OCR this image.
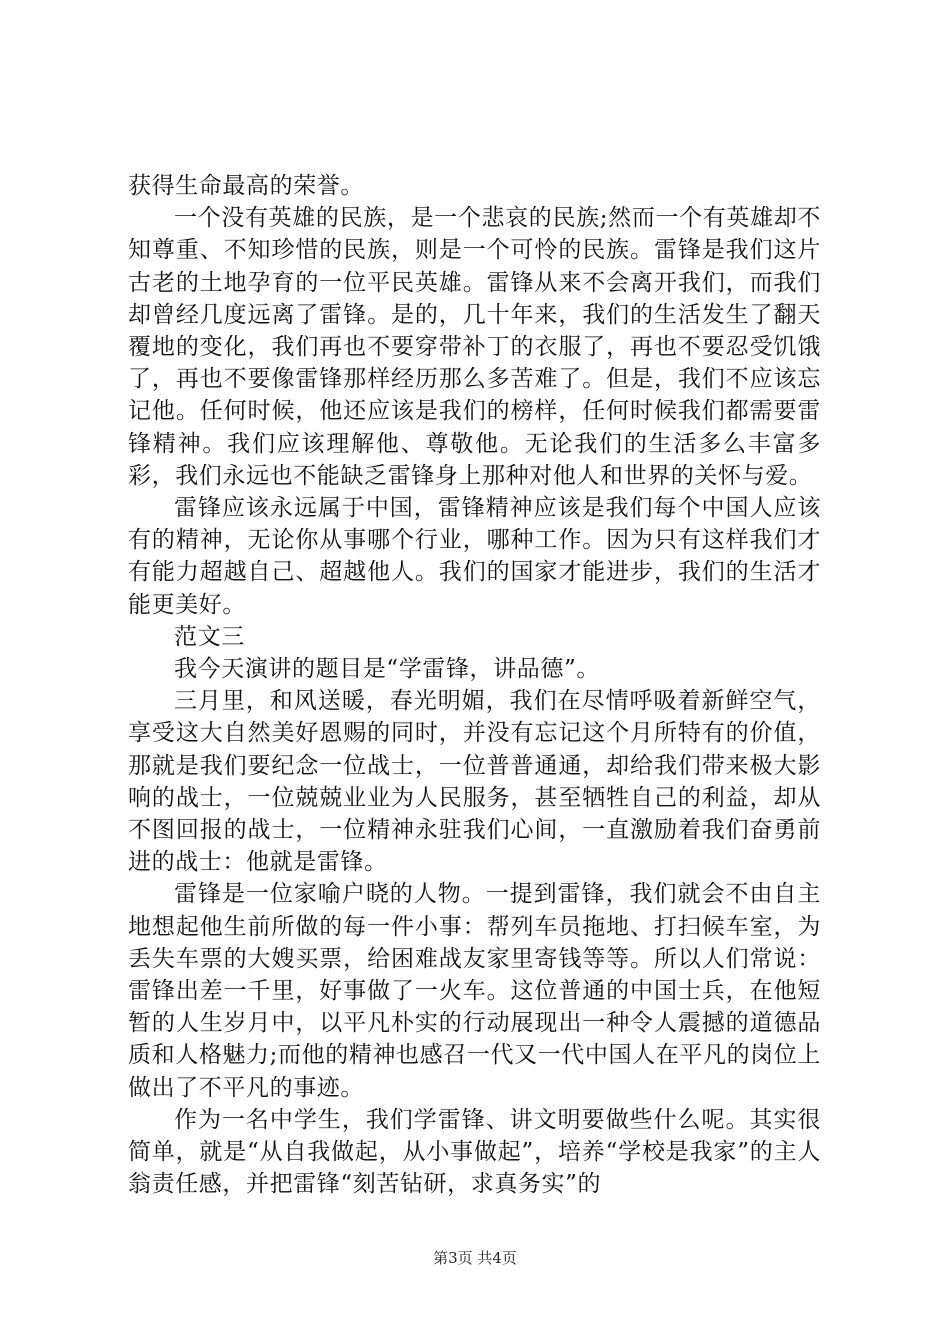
获得生命最高的荣誉。

一个没有英雄的民族，是一个悲哀的民族;然而一个有英雄却不知尊重、不知珍惜的民族，则是一个可怜的民族。雷锋是我们这片古老的土地孕育的一位平民英雄。雷锋从来不会离开我们，而我们却曾经几度远离了雷锋。是的，几十年来，我们的生活发生了翻天覆地的变化，我们再也不要穿带补丁的衣服了，再也不要忍受饥饿了，再也不要像雷锋那样经历那么多苦难了。但是，我们不应该忘记他。任何时候，他还应该是我们的榜样，任何时候我们都需要雷锋精神。我们应该理解他、尊敬他。无论我们的生活多么丰富多彩，我们永远也不能缺乏雷锋身上那种对他人和世界的关怀与爱。

雷锋应该永远属于中国，雷锋精神应该是我们每个中国人应该有的精神，无论你从事哪个行业，哪种工作。因为只有这样我们才有能力超越自己、超越他人。我们的国家才能进步，我们的生活才能更美好。

范文三

我今天演讲的题目是“学雷锋，讲品德”。

三月里，和风送暖，春光明媚，我们在尽情呼吸着新鲜空气，享受这大自然美好恩赐的同时，并没有忘记这个月所特有的价值，那就是我们要纪念一位战士，一位普普通通，却给我们带来极大影响的战士，一位兢兢业业为人民服务，甚至牺牲自己的利益，却从不图回报的战士，一位精神永驻我们心间，一直激励着我们奋勇前进的战士：他就是雷锋。

雷锋是一位家喻户晓的人物。一提到雷锋，我们就会不由自主地想起他生前所做的每一件小事：帮列车员拖地、打扫候车室，为丢失车票的大嫂买票，给困难战友家里寄钱等等。所以人们常说：雷锋出差一千里，好事做了一火车。这位普通的中国士兵，在他短暂的人生岁月中，以平凡朴实的行动展现出一种令人震撼的道德品质和人格魅力;而他的精神也感召一代又一代中国人在平凡的岗位上做出了不平凡的事迹。

作为一名中学生，我们学雷锋、讲文明要做些什么呢。其实很简单，就是“从自我做起，从小事做起”，培养“学校是我家”的主人翁责任感，并把雷锋“刻苦钻研，求真务实”的

第3页 共4页
